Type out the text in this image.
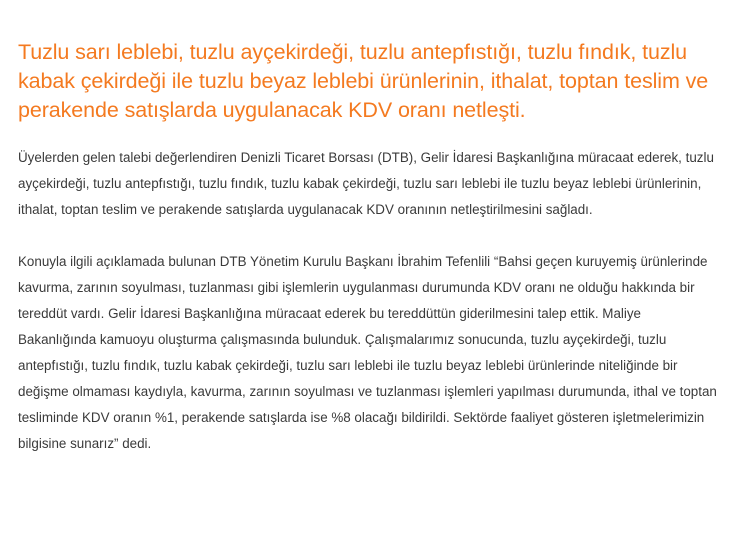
Tuzlu sarı leblebi, tuzlu ayçekirdeği, tuzlu antepfıstığı, tuzlu fındık, tuzlu kabak çekirdeği ile tuzlu beyaz leblebi ürünlerinin, ithalat, toptan teslim ve perakende satışlarda uygulanacak KDV oranı netleşti.

Üyelerden gelen talebi değerlendiren Denizli Ticaret Borsası (DTB), Gelir İdaresi Başkanlığına müracaat ederek, tuzlu ayçekirdeği, tuzlu antepfıstığı, tuzlu fındık, tuzlu kabak çekirdeği, tuzlu sarı leblebi ile tuzlu beyaz leblebi ürünlerinin, ithalat, toptan teslim ve perakende satışlarda uygulanacak KDV oranının netleştirilmesini sağladı.

Konuyla ilgili açıklamada bulunan DTB Yönetim Kurulu Başkanı İbrahim Tefenlili “Bahsi geçen kuruyemiş ürünlerinde kavurma, zarının soyulması, tuzlanması gibi işlemlerin uygulanması durumunda KDV oranı ne olduğu hakkında bir tereddüt vardı. Gelir İdaresi Başkanlığına müracaat ederek bu tereddüttün giderilmesini talep ettik. Maliye Bakanlığında kamuoyu oluşturma çalışmasında bulunduk. Çalışmalarımız sonucunda, tuzlu ayçekirdeği, tuzlu antepfıstığı, tuzlu fındık, tuzlu kabak çekirdeği, tuzlu sarı leblebi ile tuzlu beyaz leblebi ürünlerinde niteliğinde bir değişme olmaması kaydıyla, kavurma, zarının soyulması ve tuzlanması işlemleri yapılması durumunda, ithal ve toptan tesliminde KDV oranın %1, perakende satışlarda ise %8 olacağı bildirildi. Sektörde faaliyet gösteren işletmelerimizin bilgisine sunarız” dedi.
